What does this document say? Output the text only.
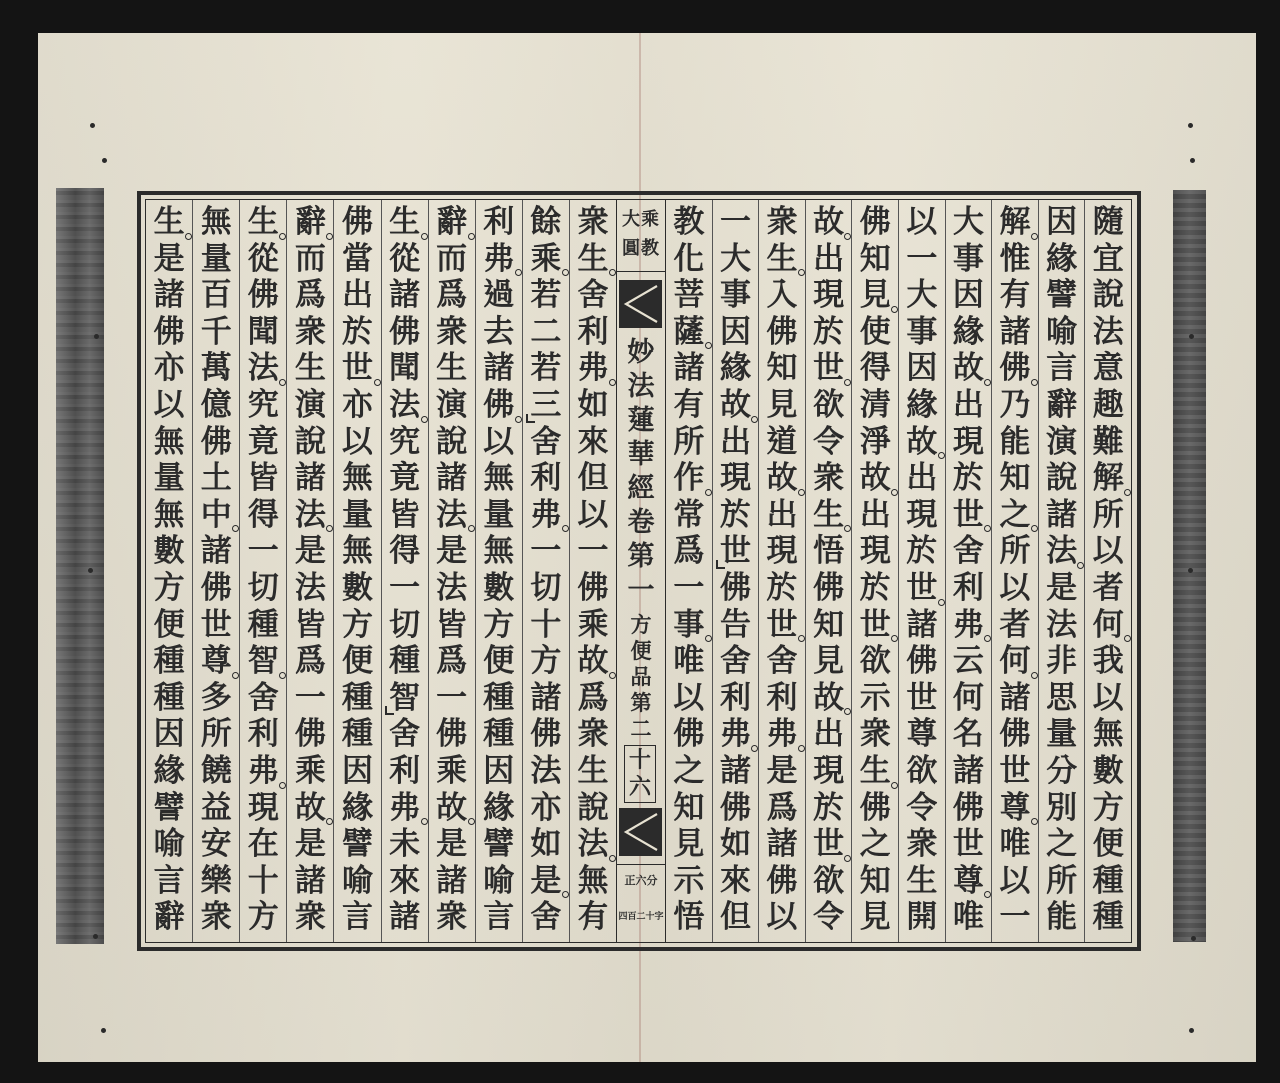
衆
生
舍
利
弗
如
來
但
以
一
佛
乘
故
爲
衆
生
說
法
無
有
餘
乘
若
二
若
三
舍
利
弗
一
切
十
方
諸
佛
法
亦
如
是
舍
利
弗
過
去
諸
佛
以
無
量
無
數
方
便
種
種
因
緣
譬
喻
言
辭
而
爲
衆
生
演
說
諸
法
是
法
皆
爲
一
佛
乘
故
是
諸
衆
生
從
諸
佛
聞
法
究
竟
皆
得
一
切
種
智
舍
利
弗
未
來
諸
佛
當
出
於
世
亦
以
無
量
無
數
方
便
種
種
因
緣
譬
喻
言
辭
而
爲
衆
生
演
說
諸
法
是
法
皆
爲
一
佛
乘
故
是
諸
衆
生
從
佛
聞
法
究
竟
皆
得
一
切
種
智
舍
利
弗
現
在
十
方
無
量
百
千
萬
億
佛
土
中
諸
佛
世
尊
多
所
饒
益
安
樂
衆
生
是
諸
佛
亦
以
無
量
無
數
方
便
種
種
因
緣
譬
喻
言
辭
大乘
圓教
妙
法
蓮
華
經
卷
第
一
方
便
品
第
二
十
六
正六分
四百二十字
隨
宜
說
法
意
趣
難
解
所
以
者
何
我
以
無
數
方
便
種
種
因
緣
譬
喻
言
辭
演
說
諸
法
是
法
非
思
量
分
別
之
所
能
解
惟
有
諸
佛
乃
能
知
之
所
以
者
何
諸
佛
世
尊
唯
以
一
大
事
因
緣
故
出
現
於
世
舍
利
弗
云
何
名
諸
佛
世
尊
唯
以
一
大
事
因
緣
故
出
現
於
世
諸
佛
世
尊
欲
令
衆
生
開
佛
知
見
使
得
清
淨
故
出
現
於
世
欲
示
衆
生
佛
之
知
見
故
出
現
於
世
欲
令
衆
生
悟
佛
知
見
故
出
現
於
世
欲
令
衆
生
入
佛
知
見
道
故
出
現
於
世
舍
利
弗
是
爲
諸
佛
以
一
大
事
因
緣
故
出
現
於
世
佛
告
舍
利
弗
諸
佛
如
來
但
教
化
菩
薩
諸
有
所
作
常
爲
一
事
唯
以
佛
之
知
見
示
悟
